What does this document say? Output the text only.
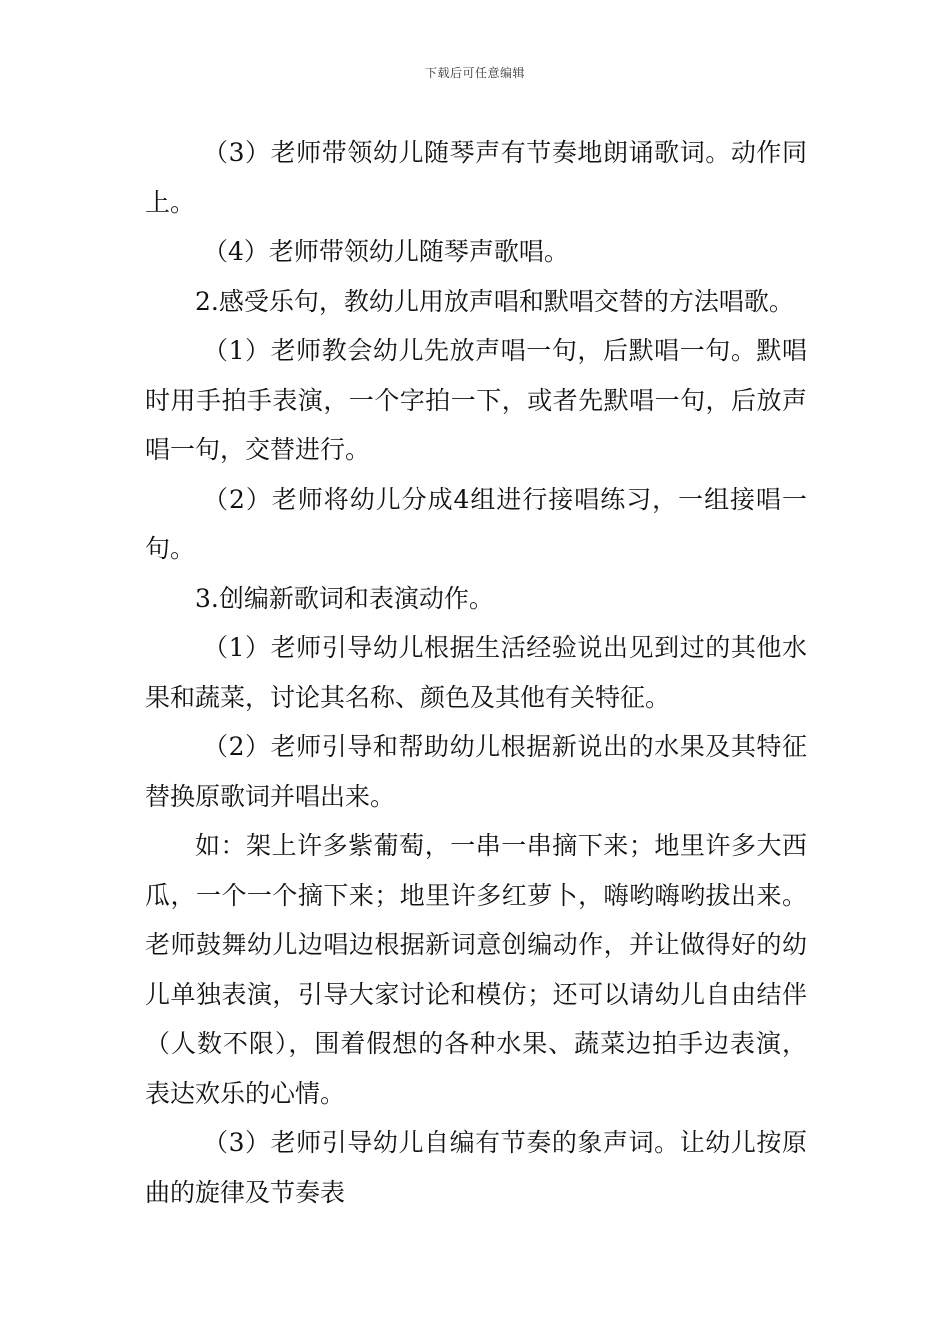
下载后可任意编辑

（3）老师带领幼儿随琴声有节奏地朗诵歌词。动作同上。

（4）老师带领幼儿随琴声歌唱。

2.感受乐句，教幼儿用放声唱和默唱交替的方法唱歌。

（1）老师教会幼儿先放声唱一句，后默唱一句。默唱时用手拍手表演，一个字拍一下，或者先默唱一句，后放声唱一句，交替进行。

（2）老师将幼儿分成4组进行接唱练习，一组接唱一句。

3.创编新歌词和表演动作。

（1）老师引导幼儿根据生活经验说出见到过的其他水果和蔬菜，讨论其名称、颜色及其他有关特征。

（2）老师引导和帮助幼儿根据新说出的水果及其特征替换原歌词并唱出来。

如：架上许多紫葡萄，一串一串摘下来；地里许多大西瓜，一个一个摘下来；地里许多红萝卜，嗨哟嗨哟拔出来。老师鼓舞幼儿边唱边根据新词意创编动作，并让做得好的幼儿单独表演，引导大家讨论和模仿；还可以请幼儿自由结伴（人数不限），围着假想的各种水果、蔬菜边拍手边表演，表达欢乐的心情。

（3）老师引导幼儿自编有节奏的象声词。让幼儿按原曲的旋律及节奏表
